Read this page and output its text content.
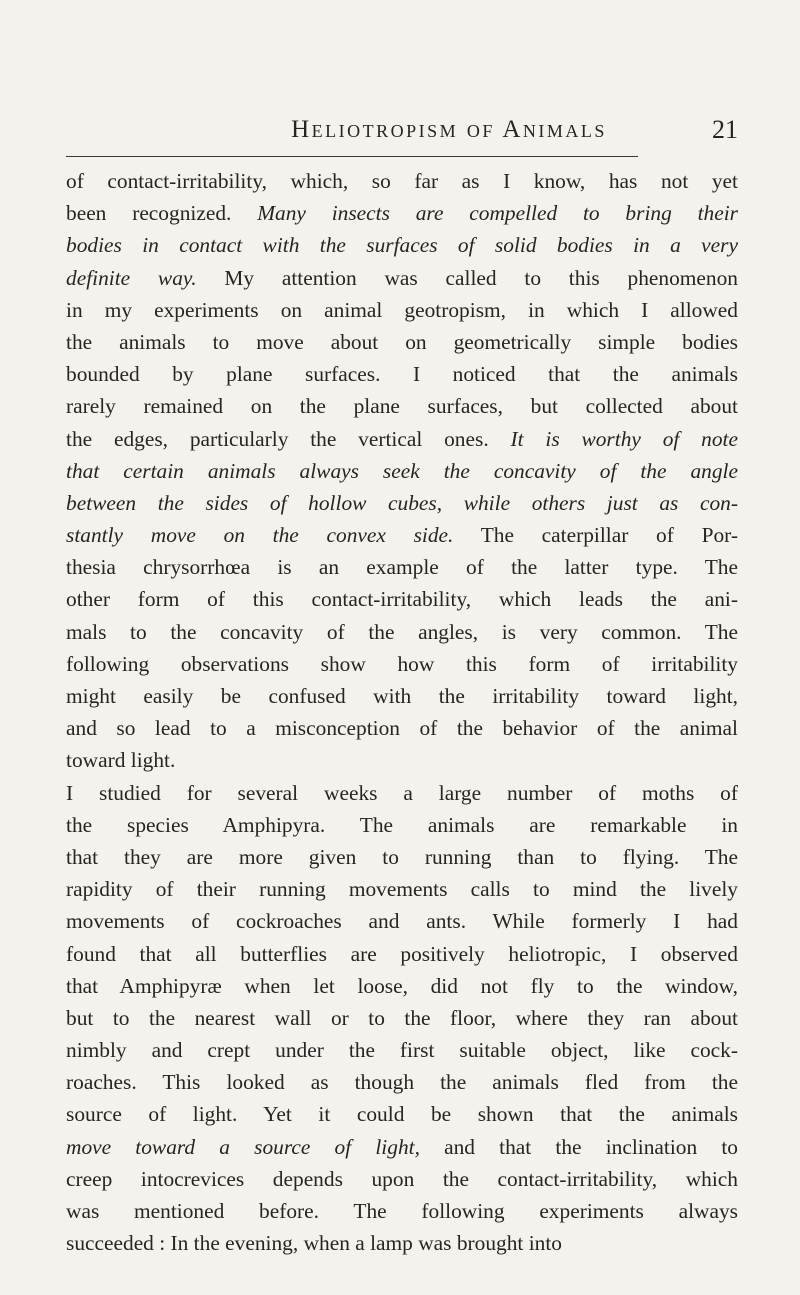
Heliotropism of Animals	21
of contact-irritability, which, so far as I know, has not yet
been recognized. Many insects are compelled to bring their
bodies in contact with the surfaces of solid bodies in a very
definite way. My attention was called to this phenomenon
in my experiments on animal geotropism, in which I allowed
the animals to move about on geometrically simple bodies
bounded by plane surfaces. I noticed that the animals
rarely remained on the plane surfaces, but collected about
the edges, particularly the vertical ones. It is worthy of note
that certain animals always seek the concavity of the angle
between the sides of hollow cubes, while others just as con-
stantly move on the convex side. The caterpillar of Por-
thesia chrysorrhœa is an example of the latter type. The
other form of this contact-irritability, which leads the ani-
mals to the concavity of the angles, is very common. The
following observations show how this form of irritability
might easily be confused with the irritability toward light,
and so lead to a misconception of the behavior of the animal
toward light.
I studied for several weeks a large number of moths of
the species Amphipyra. The animals are remarkable in
that they are more given to running than to flying. The
rapidity of their running movements calls to mind the lively
movements of cockroaches and ants. While formerly I had
found that all butterflies are positively heliotropic, I observed
that Amphipyræ when let loose, did not fly to the window,
but to the nearest wall or to the floor, where they ran about
nimbly and crept under the first suitable object, like cock-
roaches. This looked as though the animals fled from the
source of light. Yet it could be shown that the animals
move toward a source of light, and that the inclination to
creep intocrevices depends upon the contact-irritability, which
was mentioned before. The following experiments always
succeeded : In the evening, when a lamp was brought into
